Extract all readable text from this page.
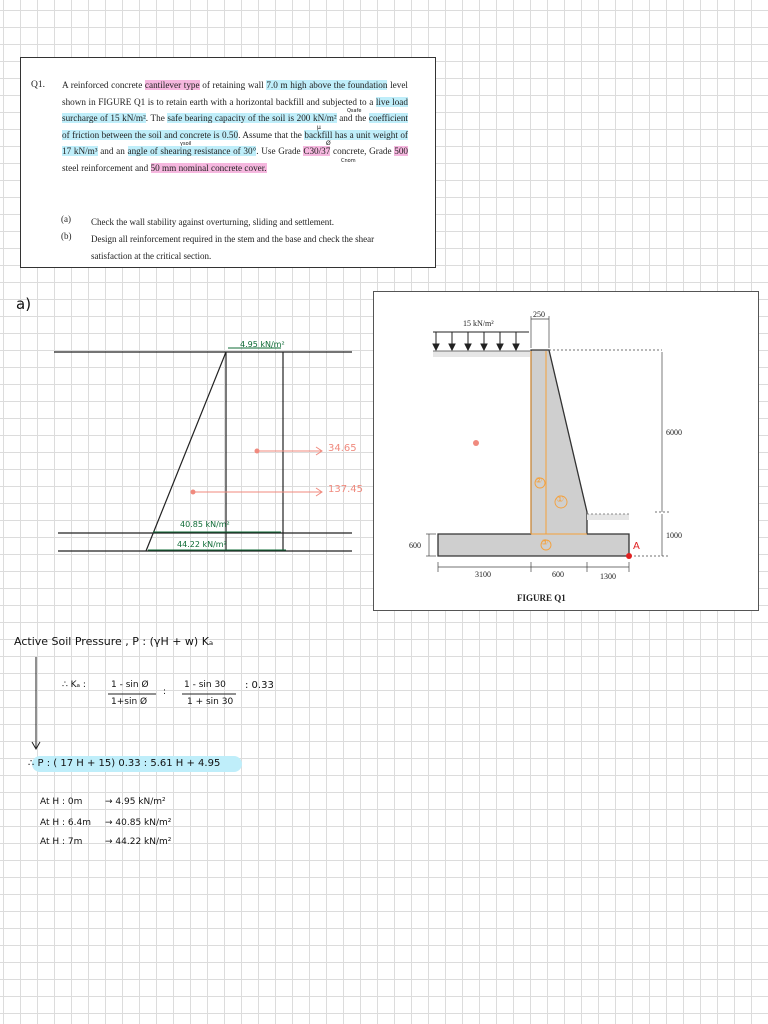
Q1. A reinforced concrete cantilever type of retaining wall 7.0 m high above the foundation level shown in FIGURE Q1 is to retain earth with a horizontal backfill and subjected to a live load surcharge of 15 kN/m². The safe bearing capacity of the soil is 200 kN/m² and the coefficient of friction between the soil and concrete is 0.50. Assume that the backfill has a unit weight of 17 kN/m³ and an angle of shearing resistance of 30°. Use Grade C30/37 concrete, Grade 500 steel reinforcement and 50 mm nominal concrete cover.
(a) Check the wall stability against overturning, sliding and settlement.
(b) Design all reinforcement required in the stem and the base and check the shear satisfaction at the critical section.
Qsafe
μ
γsoil	Ø
Cnom
a)
4.95 kN/m²
40.85 kN/m²
44.22 kN/m²
34.65
137.45
15 kN/m²
250
6000
1000
600
3100	600	1300
A
②
①
③
FIGURE Q1
Active Soil Pressure , P : (γH + w) Kₐ
∴ Kₐ :	1 - sin Ø
1+sin Ø
:
1 - sin 30
1 + sin 30
: 0.33
∴ P : ( 17 H + 15) 0.33 : 5.61 H + 4.95
At H : 0m	→ 4.95 kN/m²
At H : 6.4m → 40.85 kN/m²
At H : 7m	→ 44.22 kN/m²
